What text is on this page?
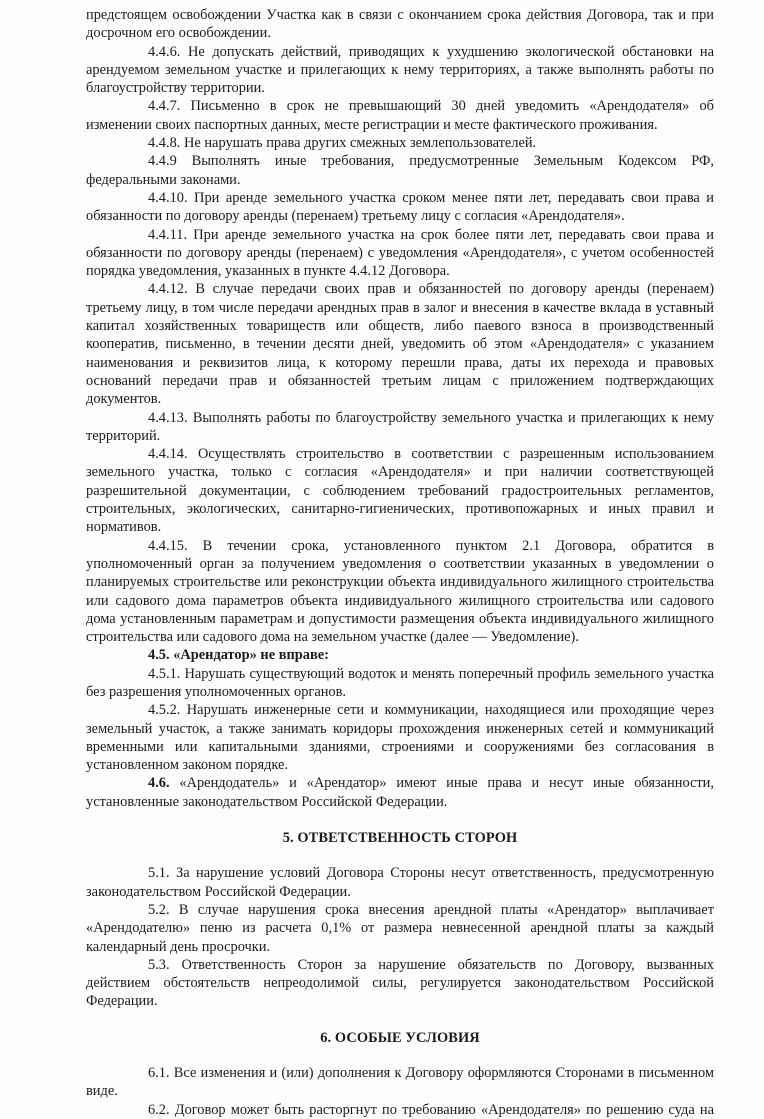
предстоящем освобождении Участка как в связи с окончанием срока действия Договора, так и при досрочном его освобождении.

4.4.6. Не допускать действий, приводящих к ухудшению экологической обстановки на арендуемом земельном участке и прилегающих к нему территориях, а также выполнять работы по благоустройству территории.

4.4.7. Письменно в срок не превышающий 30 дней уведомить «Арендодателя» об изменении своих паспортных данных, месте регистрации и месте фактического проживания.

4.4.8. Не нарушать права других смежных землепользователей.

4.4.9 Выполнять иные требования, предусмотренные Земельным Кодексом РФ, федеральными законами.

4.4.10. При аренде земельного участка сроком менее пяти лет, передавать свои права и обязанности по договору аренды (перенаем) третьему лицу с согласия «Арендодателя».

4.4.11. При аренде земельного участка на срок более пяти лет, передавать свои права и обязанности по договору аренды (перенаем) с уведомления «Арендодателя», с учетом особенностей порядка уведомления, указанных в пункте 4.4.12 Договора.

4.4.12. В случае передачи своих прав и обязанностей по договору аренды (перенаем) третьему лицу, в том числе передачи арендных прав в залог и внесения в качестве вклада в уставный капитал хозяйственных товариществ или обществ, либо паевого взноса в производственный кооператив, письменно, в течении десяти дней, уведомить об этом «Арендодателя» с указанием наименования и реквизитов лица, к которому перешли права, даты их перехода и правовых оснований передачи прав и обязанностей третьим лицам с приложением подтверждающих документов.

4.4.13. Выполнять работы по благоустройству земельного участка и прилегающих к нему территорий.

4.4.14. Осуществлять строительство в соответствии с разрешенным использованием земельного участка, только с согласия «Арендодателя» и при наличии соответствующей разрешительной документации, с соблюдением требований градостроительных регламентов, строительных, экологических, санитарно-гигиенических, противопожарных и иных правил и нормативов.

4.4.15. В течении срока, установленного пунктом 2.1 Договора, обратится в уполномоченный орган за получением уведомления о соответствии указанных в уведомлении о планируемых строительстве или реконструкции объекта индивидуального жилищного строительства или садового дома параметров объекта индивидуального жилищного строительства или садового дома установленным параметрам и допустимости размещения объекта индивидуального жилищного строительства или садового дома на земельном участке (далее — Уведомление).

4.5. «Арендатор» не вправе:

4.5.1. Нарушать существующий водоток и менять поперечный профиль земельного участка без разрешения уполномоченных органов.

4.5.2. Нарушать инженерные сети и коммуникации, находящиеся или проходящие через земельный участок, а также занимать коридоры прохождения инженерных сетей и коммуникаций временными или капитальными зданиями, строениями и сооружениями без согласования в установленном законом порядке.

4.6. «Арендодатель» и «Арендатор» имеют иные права и несут иные обязанности, установленные законодательством Российской Федерации.

5. ОТВЕТСТВЕННОСТЬ СТОРОН

5.1. За нарушение условий Договора Стороны несут ответственность, предусмотренную законодательством Российской Федерации.

5.2. В случае нарушения срока внесения арендной платы «Арендатор» выплачивает «Арендодателю» пеню из расчета 0,1% от размера невнесенной арендной платы за каждый календарный день просрочки.

5.3. Ответственность Сторон за нарушение обязательств по Договору, вызванных действием обстоятельств непреодолимой силы, регулируется законодательством Российской Федерации.

6. ОСОБЫЕ УСЛОВИЯ

6.1. Все изменения и (или) дополнения к Договору оформляются Сторонами в письменном виде.

6.2. Договор может быть расторгнут по требованию «Арендодателя» по решению суда на
